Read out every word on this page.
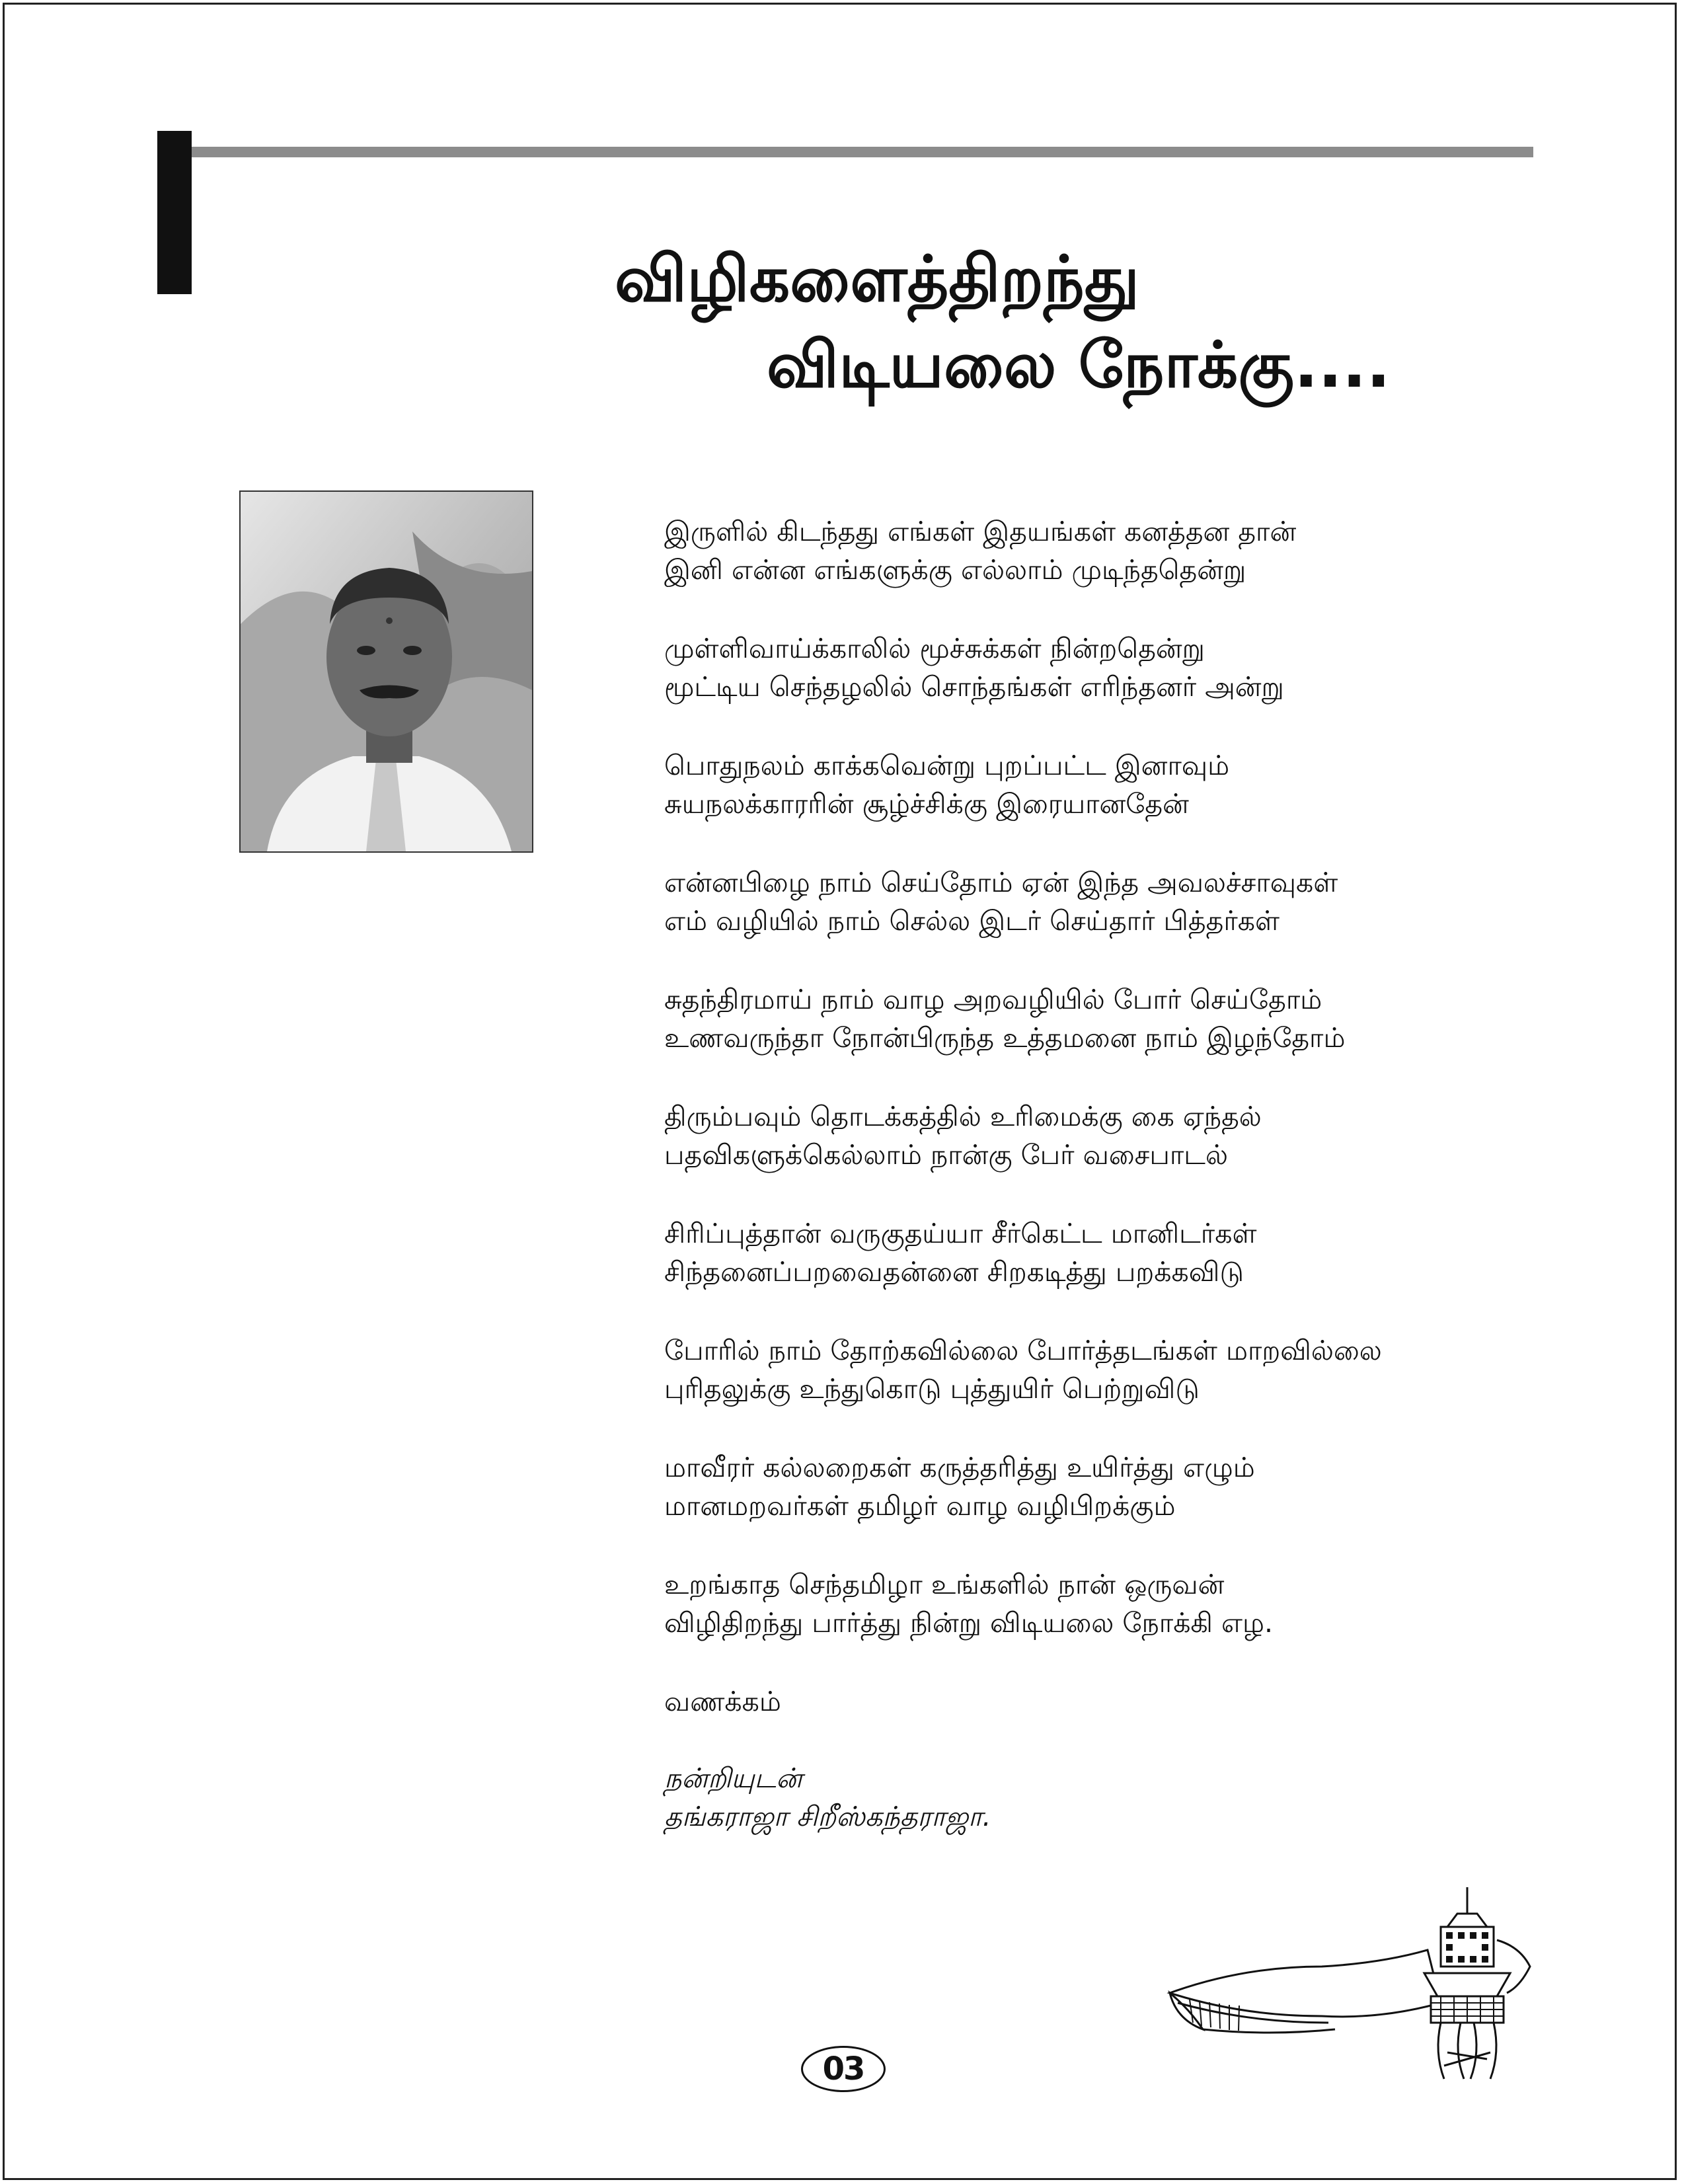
விழிகளைத்திறந்து
விடியலை நோக்கு....
இருளில் கிடந்தது எங்கள் இதயங்கள் கனத்தன தான்
இனி என்ன எங்களுக்கு எல்லாம் முடிந்ததென்று
முள்ளிவாய்க்காலில் மூச்சுக்கள் நின்றதென்று
மூட்டிய செந்தழலில் சொந்தங்கள் எரிந்தனர் அன்று
பொதுநலம் காக்கவென்று புறப்பட்ட இனாவும்
சுயநலக்காரரின் சூழ்ச்சிக்கு இரையானதேன்
என்னபிழை நாம் செய்தோம் ஏன் இந்த அவலச்சாவுகள்
எம் வழியில் நாம் செல்ல இடர் செய்தார் பித்தர்கள்
சுதந்திரமாய் நாம் வாழ அறவழியில் போர் செய்தோம்
உணவருந்தா நோன்பிருந்த உத்தமனை நாம் இழந்தோம்
திரும்பவும் தொடக்கத்தில் உரிமைக்கு கை ஏந்தல்
பதவிகளுக்கெல்லாம் நான்கு பேர் வசைபாடல்
சிரிப்புத்தான் வருகுதய்யா சீர்கெட்ட மானிடர்கள்
சிந்தனைப்பறவைதன்னை சிறகடித்து பறக்கவிடு
போரில் நாம் தோற்கவில்லை போர்த்தடங்கள் மாறவில்லை
புரிதலுக்கு உந்துகொடு புத்துயிர் பெற்றுவிடு
மாவீரர் கல்லறைகள் கருத்தரித்து உயிர்த்து எழும்
மானமறவர்கள் தமிழர் வாழ வழிபிறக்கும்
உறங்காத செந்தமிழா உங்களில் நான் ஒருவன்
விழிதிறந்து பார்த்து நின்று விடியலை நோக்கி எழ.
வணக்கம்
நன்றியுடன்
தங்கராஜா சிறீஸ்கந்தராஜா.
03
